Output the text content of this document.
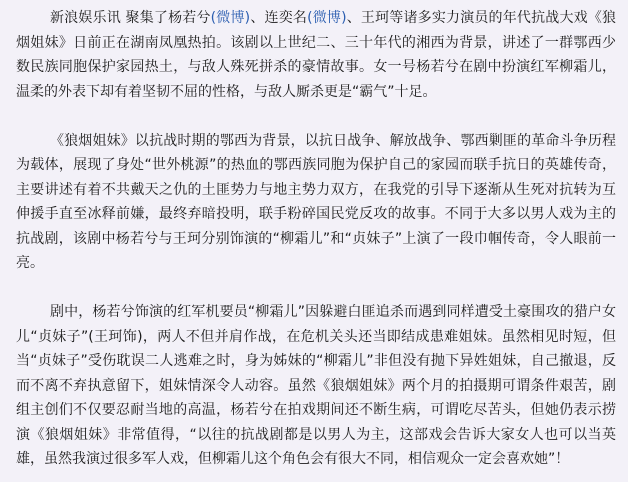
新浪娱乐讯 聚集了杨若兮(微博)、连奕名(微博)、王珂等诸多实力演员的年代抗战大戏《狼烟姐妹》日前正在湖南凤凰热拍。该剧以上世纪二、三十年代的湘西为背景，讲述了一群鄂西少数民族同胞保护家园热土，与敌人殊死拼杀的豪情故事。女一号杨若兮在剧中扮演红军柳霜儿，温柔的外表下却有着坚韧不屈的性格，与敌人厮杀更是“霸气”十足。

《狼烟姐妹》以抗战时期的鄂西为背景，以抗日战争、解放战争、鄂西剿匪的革命斗争历程为载体，展现了身处“世外桃源”的热血的鄂西族同胞为保护自己的家园而联手抗日的英雄传奇，主要讲述有着不共戴天之仇的土匪势力与地主势力双方，在我党的引导下逐渐从生死对抗转为互伸援手直至冰释前嫌，最终弃暗投明，联手粉碎国民党反攻的故事。不同于大多以男人戏为主的抗战剧，该剧中杨若兮与王珂分别饰演的“柳霜儿”和“贞妹子”上演了一段巾帼传奇，令人眼前一亮。

剧中，杨若兮饰演的红军机要员“柳霜儿”因躲避白匪追杀而遇到同样遭受土豪围攻的猎户女儿“贞妹子”(王珂饰)，两人不但并肩作战，在危机关头还当即结成患难姐妹。虽然相见时短，但当“贞妹子”受伤耽误二人逃难之时，身为姊妹的“柳霜儿”非但没有抛下异姓姐妹，自己撤退，反而不离不弃执意留下，姐妹情深令人动容。虽然《狼烟姐妹》两个月的拍摄期可谓条件艰苦，剧组主创们不仅要忍耐当地的高温，杨若兮在拍戏期间还不断生病，可谓吃尽苦头，但她仍表示捞演《狼烟姐妹》非常值得，“以往的抗战剧都是以男人为主，这部戏会告诉大家女人也可以当英雄，虽然我演过很多军人戏，但柳霜儿这个角色会有很大不同，相信观众一定会喜欢她”！
